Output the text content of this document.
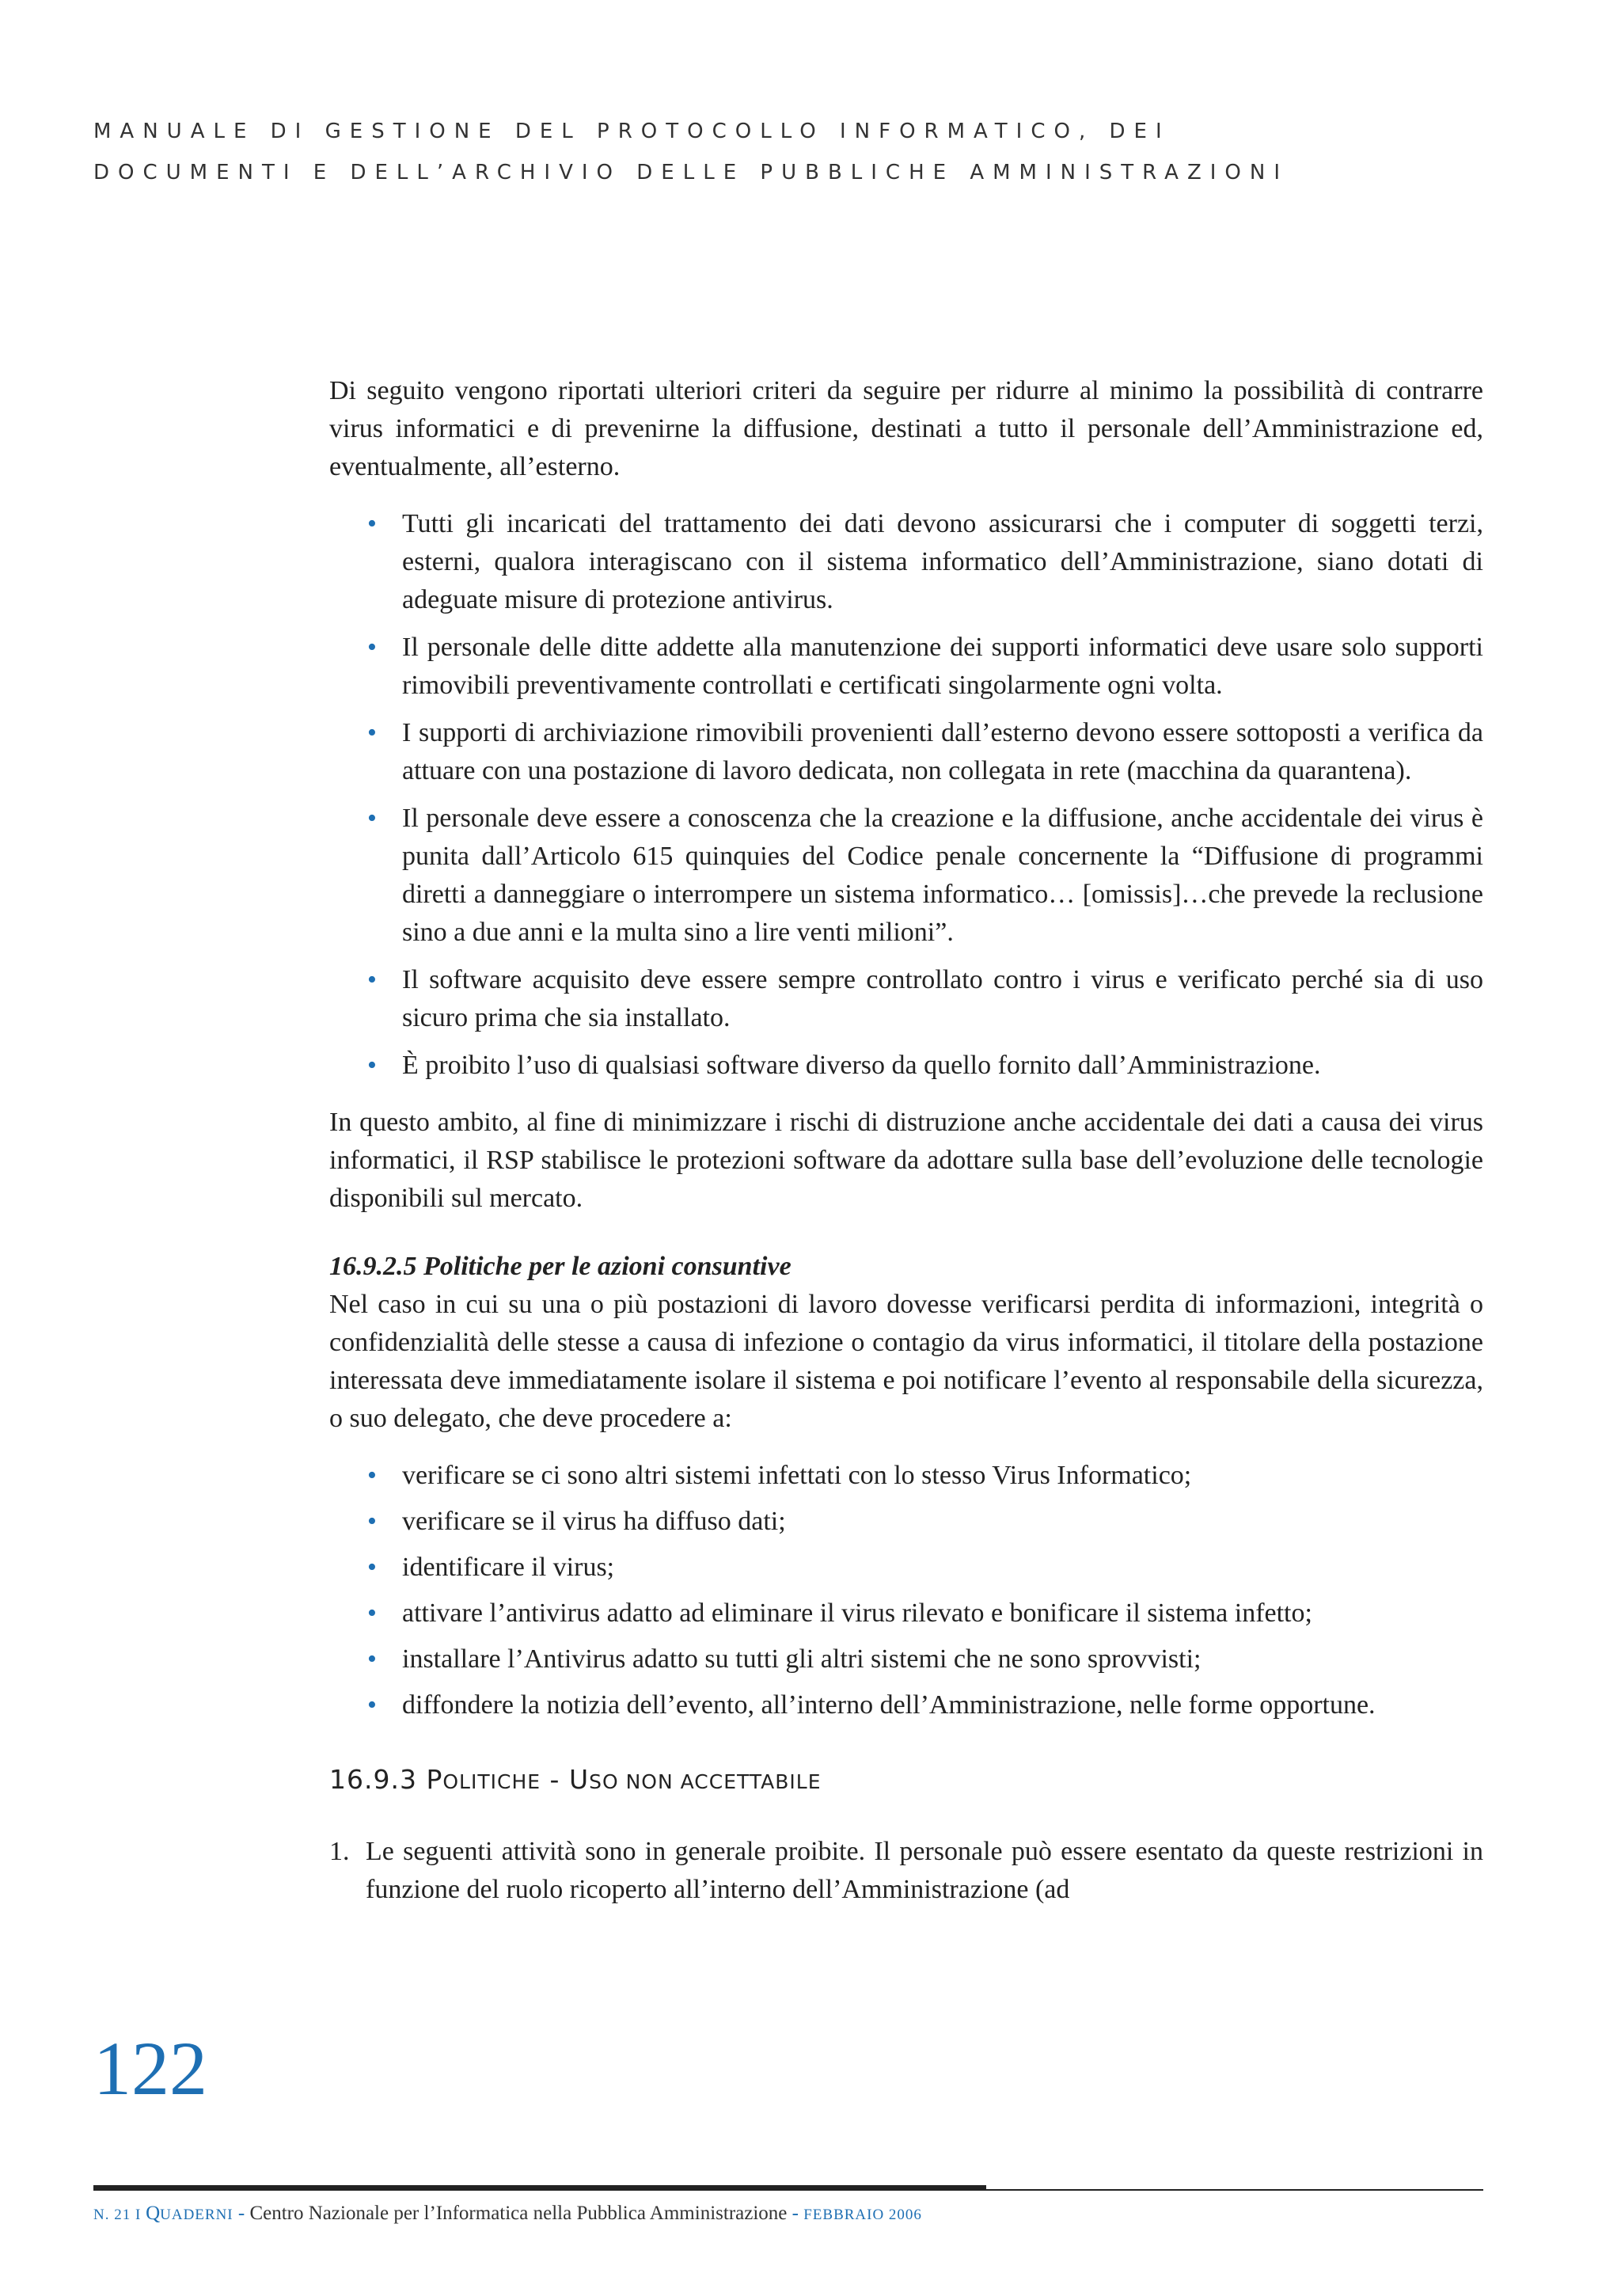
MANUALE DI GESTIONE DEL PROTOCOLLO INFORMATICO, DEI
DOCUMENTI E DELL’ARCHIVIO DELLE PUBBLICHE AMMINISTRAZIONI

Di seguito vengono riportati ulteriori criteri da seguire per ridurre al minimo la possibilità di contrarre virus informatici e di prevenirne la diffusione, destinati a tutto il personale dell’Amministrazione ed, eventualmente, all’esterno.

• Tutti gli incaricati del trattamento dei dati devono assicurarsi che i computer di soggetti terzi, esterni, qualora interagiscano con il sistema informatico dell’Amministrazione, siano dotati di adeguate misure di protezione antivirus.
• Il personale delle ditte addette alla manutenzione dei supporti informatici deve usare solo supporti rimovibili preventivamente controllati e certificati singolarmente ogni volta.
• I supporti di archiviazione rimovibili provenienti dall’esterno devono essere sottoposti a verifica da attuare con una postazione di lavoro dedicata, non collegata in rete (macchina da quarantena).
• Il personale deve essere a conoscenza che la creazione e la diffusione, anche accidentale dei virus è punita dall’Articolo 615 quinquies del Codice penale concernente la “Diffusione di programmi diretti a danneggiare o interrompere un sistema informatico… [omissis]…che prevede la reclusione sino a due anni e la multa sino a lire venti milioni”.
• Il software acquisito deve essere sempre controllato contro i virus e verificato perché sia di uso sicuro prima che sia installato.
• È proibito l’uso di qualsiasi software diverso da quello fornito dall’Amministrazione.

In questo ambito, al fine di minimizzare i rischi di distruzione anche accidentale dei dati a causa dei virus informatici, il RSP stabilisce le protezioni software da adottare sulla base dell’evoluzione delle tecnologie disponibili sul mercato.

16.9.2.5 Politiche per le azioni consuntive

Nel caso in cui su una o più postazioni di lavoro dovesse verificarsi perdita di informazioni, integrità o confidenzialità delle stesse a causa di infezione o contagio da virus informatici, il titolare della postazione interessata deve immediatamente isolare il sistema e poi notificare l’evento al responsabile della sicurezza, o suo delegato, che deve procedere a:

• verificare se ci sono altri sistemi infettati con lo stesso Virus Informatico;
• verificare se il virus ha diffuso dati;
• identificare il virus;
• attivare l’antivirus adatto ad eliminare il virus rilevato e bonificare il sistema infetto;
• installare l’Antivirus adatto su tutti gli altri sistemi che ne sono sprovvisti;
• diffondere la notizia dell’evento, all’interno dell’Amministrazione, nelle forme opportune.

16.9.3 POLITICHE - USO NON ACCETTABILE

1. Le seguenti attività sono in generale proibite. Il personale può essere esentato da queste restrizioni in funzione del ruolo ricoperto all’interno dell’Amministrazione (ad
122
N. 21 I QUADERNI - Centro Nazionale per l’Informatica nella Pubblica Amministrazione - FEBBRAIO 2006
